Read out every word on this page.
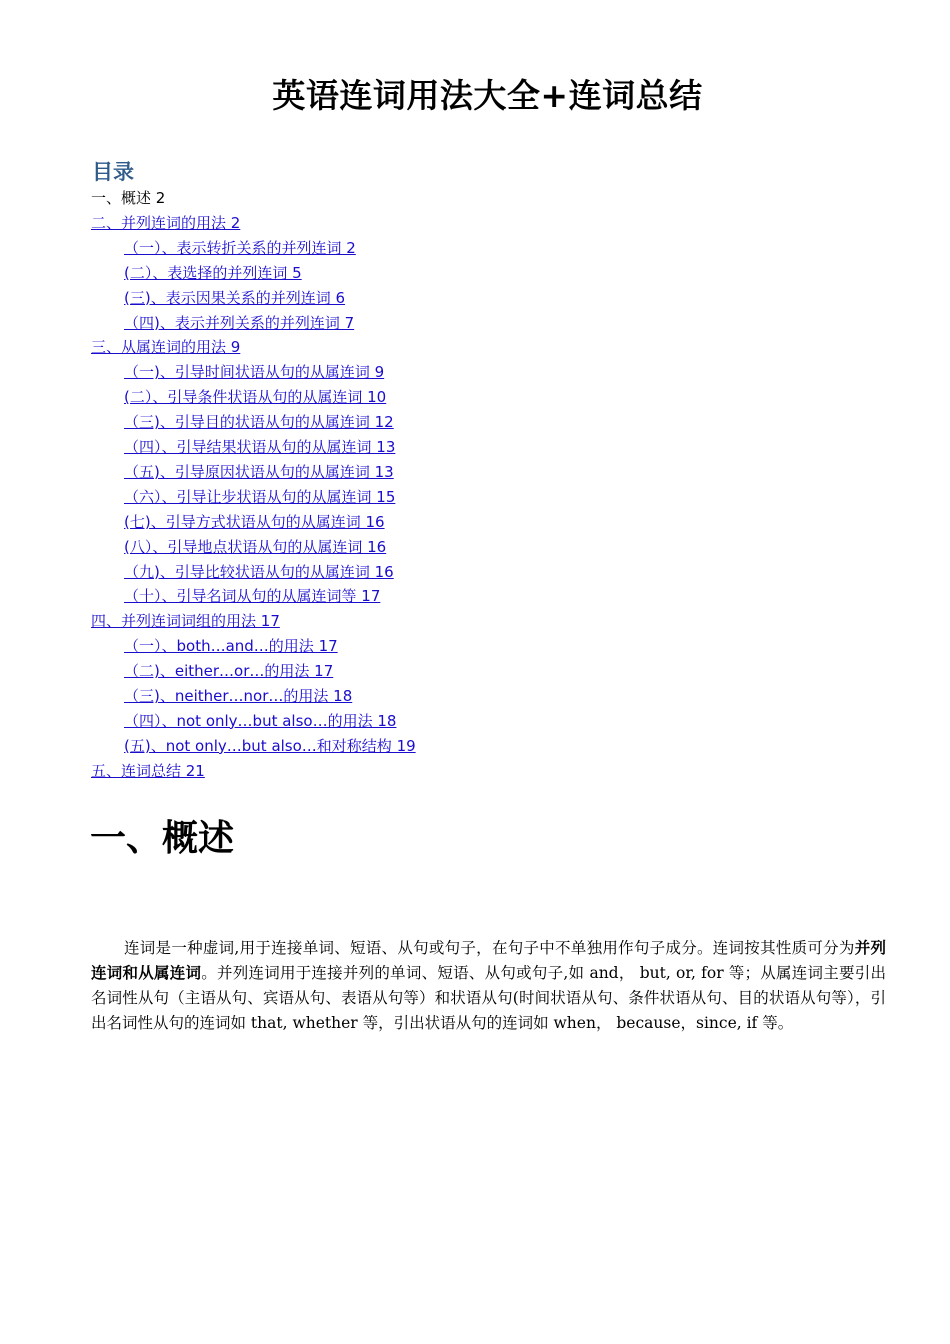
英语连词用法大全+连词总结
目录
一、概述 2
二、并列连词的用法 2
（一）、表示转折关系的并列连词 2
(二）、表选择的并列连词 5
(三)、表示因果关系的并列连词 6
（四)、表示并列关系的并列连词 7
三、从属连词的用法 9
（一)、引导时间状语从句的从属连词 9
(二）、引导条件状语从句的从属连词 10
（三)、引导目的状语从句的从属连词 12
（四）、引导结果状语从句的从属连词 13
（五)、引导原因状语从句的从属连词 13
（六）、引导让步状语从句的从属连词 15
(七)、引导方式状语从句的从属连词 16
(八）、引导地点状语从句的从属连词 16
（九)、引导比较状语从句的从属连词 16
（十）、引导名词从句的从属连词等 17
四、并列连词词组的用法 17
（一）、both…and…的用法 17
（二)、either…or…的用法 17
（三)、neither…nor…的用法 18
（四）、not only…but also…的用法 18
(五)、not only…but also…和对称结构 19
五、连词总结 21
一、概述
连词是一种虚词,用于连接单词、短语、从句或句子，在句子中不单独用作句子成分。连词按其性质可分为并列连词和从属连词。并列连词用于连接并列的单词、短语、从句或句子,如 and， but, or, for 等；从属连词主要引出名词性从句（主语从句、宾语从句、表语从句等）和状语从句(时间状语从句、条件状语从句、目的状语从句等），引出名词性从句的连词如 that, whether 等，引出状语从句的连词如 when， because，since, if 等。
